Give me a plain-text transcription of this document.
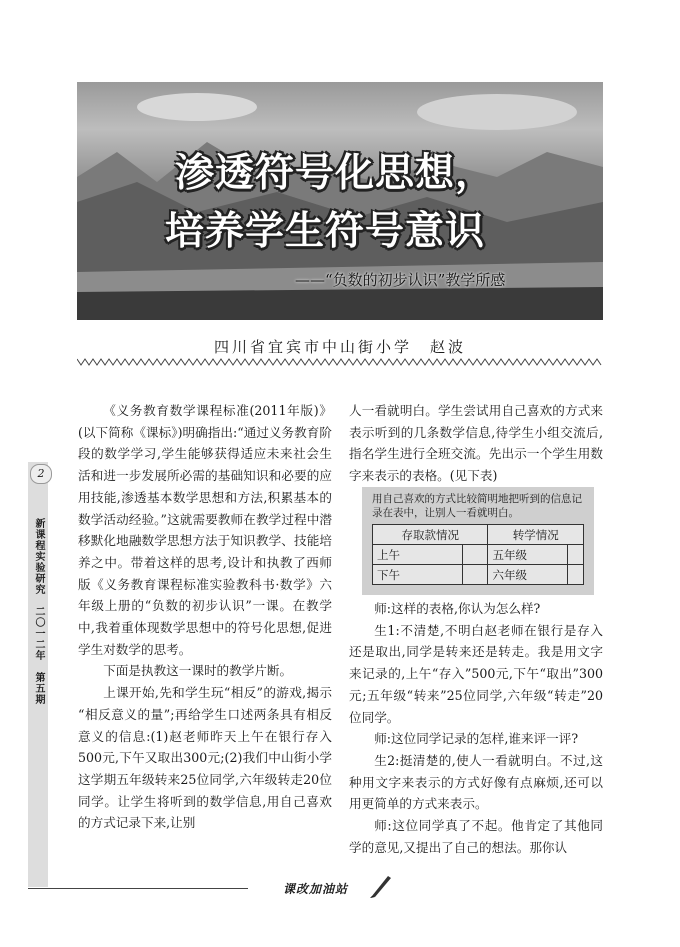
渗透符号化思想，
培养学生符号意识
——“负数的初步认识”教学所感
四川省宜宾市中山街小学　赵波
2
新课程实验研究　二〇一二年　第五期

《义务教育数学课程标准(2011年版)》(以下简称《课标》)明确指出:“通过义务教育阶段的数学学习,学生能够获得适应未来社会生活和进一步发展所必需的基础知识和必要的应用技能,渗透基本数学思想和方法,积累基本的数学活动经验。”这就需要教师在教学过程中潜移默化地融数学思想方法于知识教学、技能培养之中。带着这样的思考,设计和执教了西师版《义务教育课程标准实验教科书·数学》六年级上册的“负数的初步认识”一课。在教学中,我着重体现数学思想中的符号化思想,促进学生对数学的思考。

下面是执教这一课时的教学片断。

上课开始,先和学生玩“相反”的游戏,揭示 “相反意义的量”;再给学生口述两条具有相反意义的信息:(1)赵老师昨天上午在银行存入500元,下午又取出300元;(2)我们中山街小学这学期五年级转来25位同学,六年级转走20位同学。让学生将听到的数学信息,用自己喜欢的方式记录下来,让别

人一看就明白。学生尝试用自己喜欢的方式来表示听到的几条数学信息,待学生小组交流后,指名学生进行全班交流。先出示一个学生用数字来表示的表格。(见下表)

用自己喜欢的方式比较简明地把听到的信息记录在表中，让别人一看就明白。
存取款情况		转学情况	
上午		五年级	
下午		六年级	

师:这样的表格,你认为怎么样?

生1:不清楚,不明白赵老师在银行是存入还是取出,同学是转来还是转走。我是用文字来记录的,上午“存入”500元,下午“取出”300元;五年级“转来”25位同学,六年级“转走”20位同学。

师:这位同学记录的怎样,谁来评一评?

生2:挺清楚的,使人一看就明白。不过,这种用文字来表示的方式好像有点麻烦,还可以用更简单的方式来表示。

师:这位同学真了不起。他肯定了其他同学的意见,又提出了自己的想法。那你认

课改加油站
